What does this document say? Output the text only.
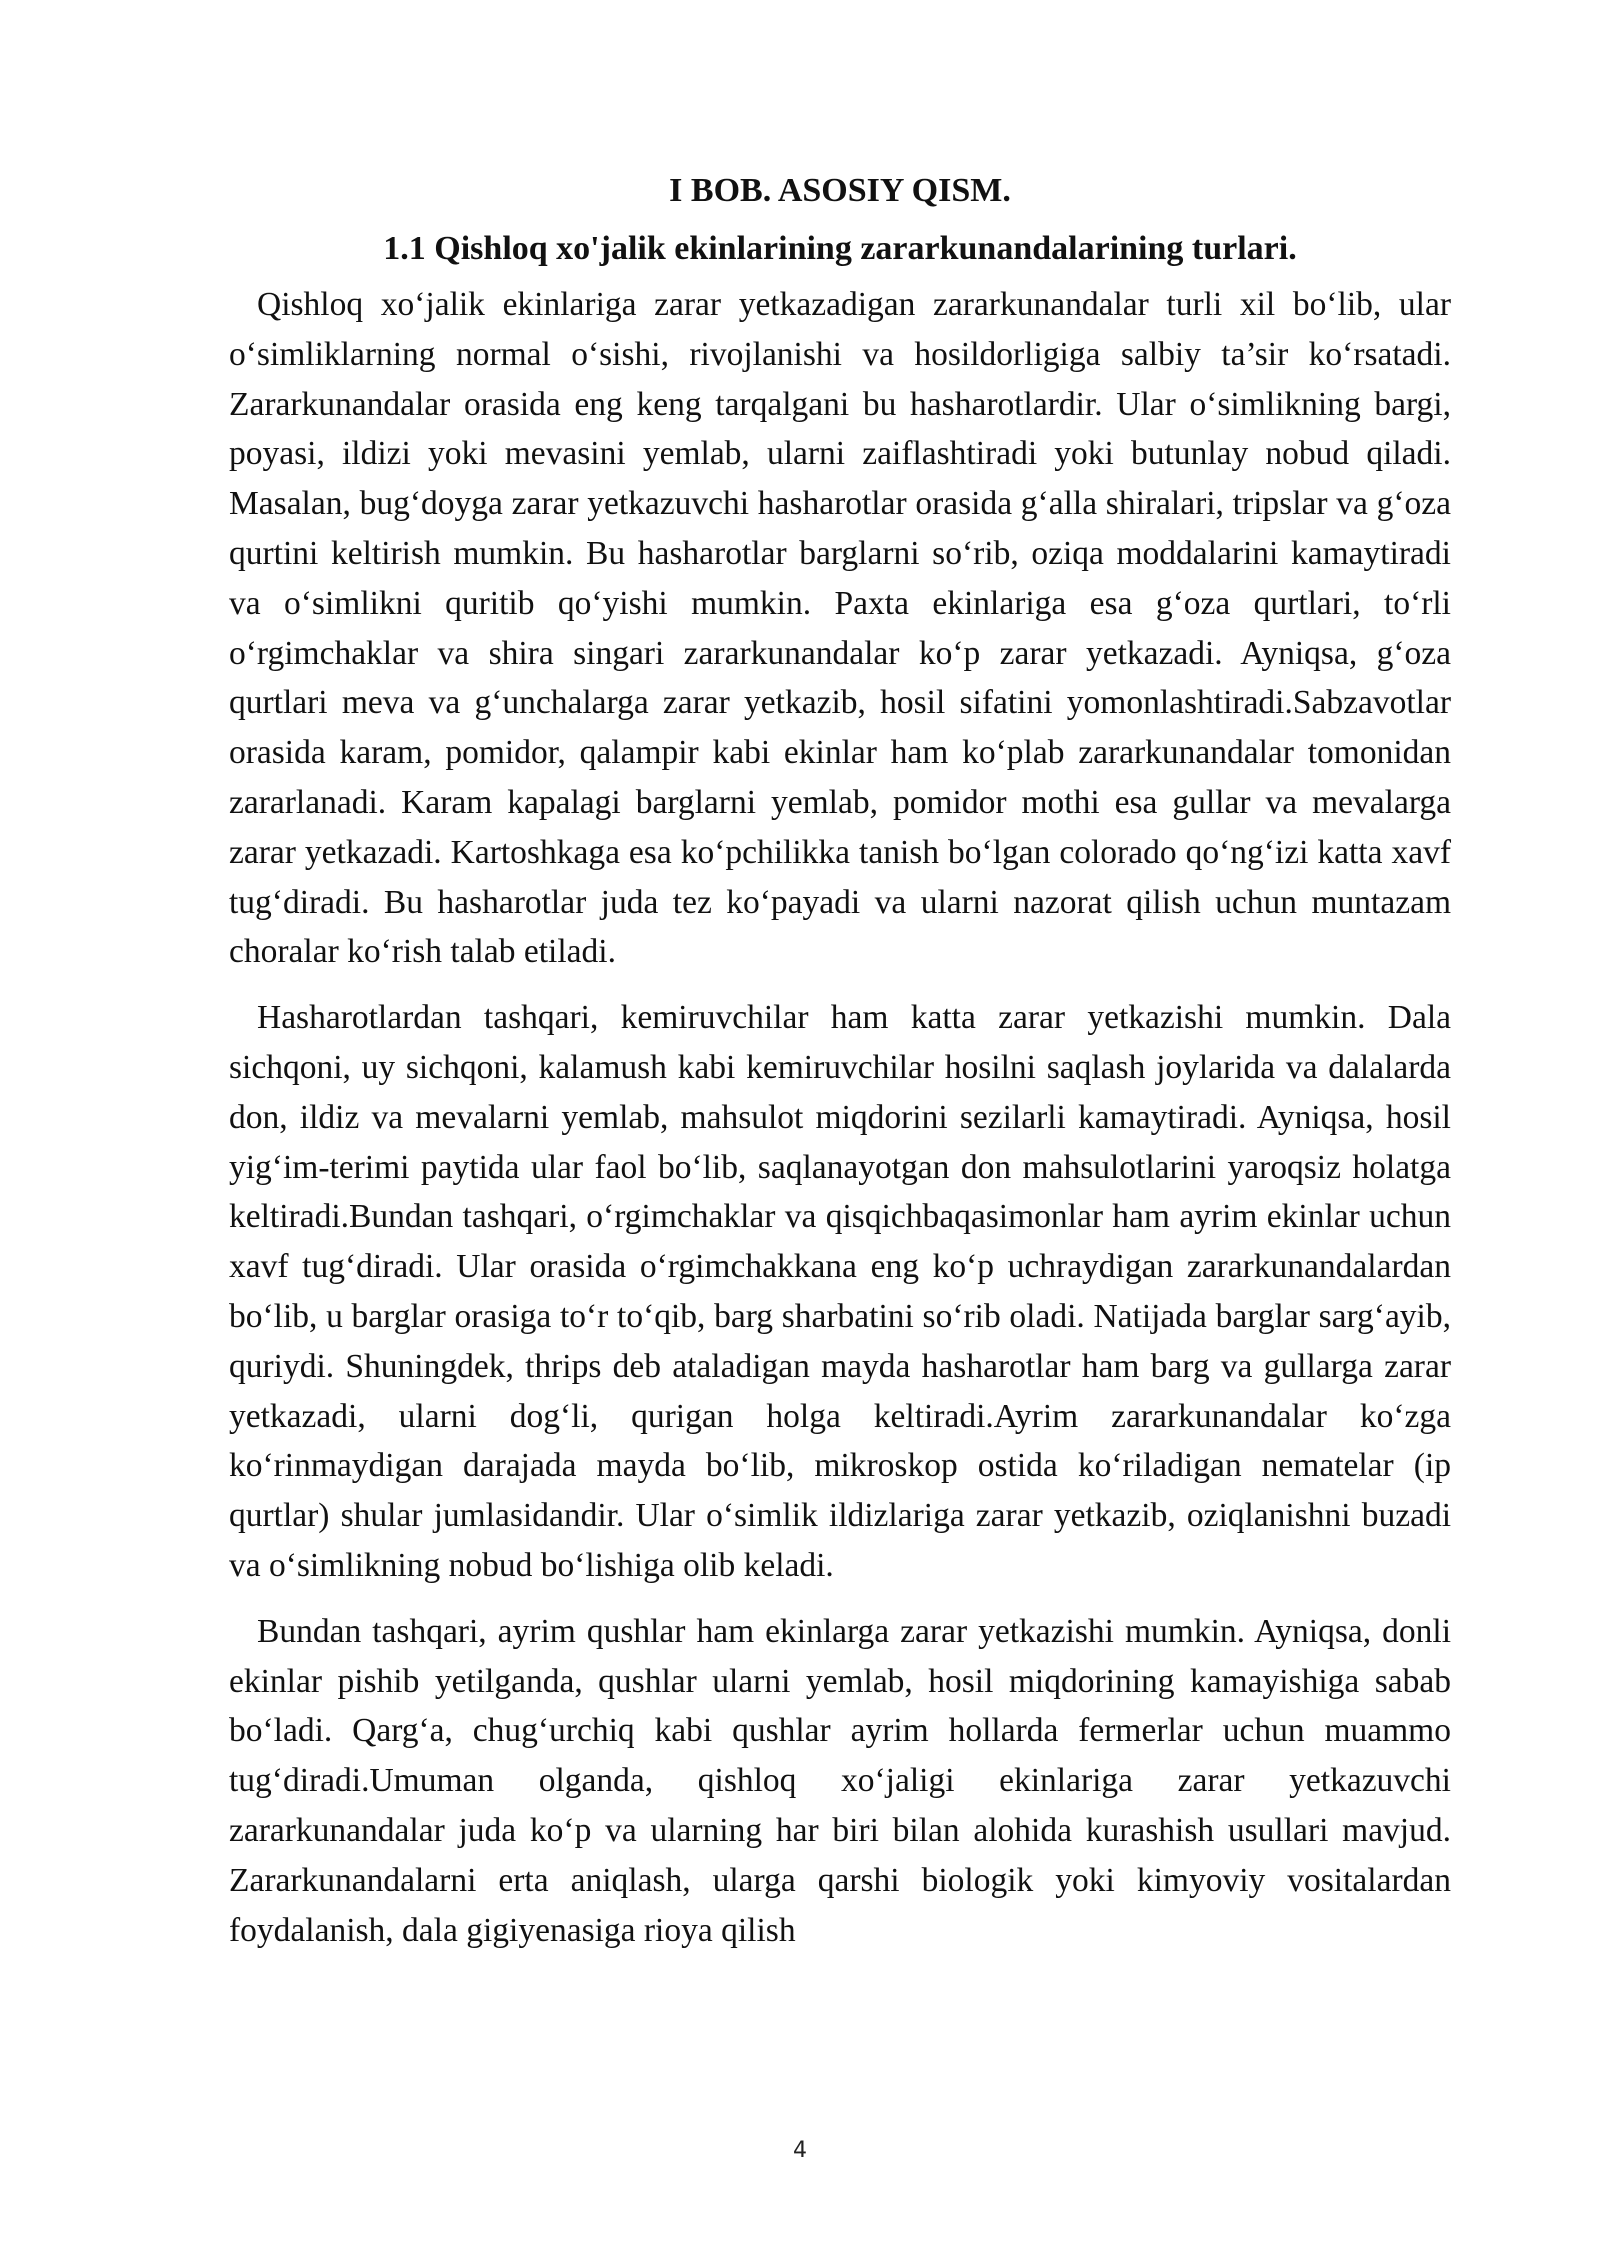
I BOB. ASOSIY QISM.
1.1 Qishloq xo'jalik ekinlarining zararkunandalarining turlari.

Qishloq xo‘jalik ekinlariga zarar yetkazadigan zararkunandalar turli xil bo‘lib, ular o‘simliklarning normal o‘sishi, rivojlanishi va hosildorligiga salbiy ta’sir ko‘rsatadi. Zararkunandalar orasida eng keng tarqalgani bu hasharotlardir. Ular o‘simlikning bargi, poyasi, ildizi yoki mevasini yemlab, ularni zaiflashtiradi yoki butunlay nobud qiladi. Masalan, bug‘doyga zarar yetkazuvchi hasharotlar orasida g‘alla shiralari, tripslar va g‘oza qurtini keltirish mumkin. Bu hasharotlar barglarni so‘rib, oziqa moddalarini kamaytiradi va o‘simlikni quritib qo‘yishi mumkin. Paxta ekinlariga esa g‘oza qurtlari, to‘rli o‘rgimchaklar va shira singari zararkunandalar ko‘p zarar yetkazadi. Ayniqsa, g‘oza qurtlari meva va g‘unchalarga zarar yetkazib, hosil sifatini yomonlashtiradi.Sabzavotlar orasida karam, pomidor, qalampir kabi ekinlar ham ko‘plab zararkunandalar tomonidan zararlanadi. Karam kapalagi barglarni yemlab, pomidor mothi esa gullar va mevalarga zarar yetkazadi. Kartoshkaga esa ko‘pchilikka tanish bo‘lgan colorado qo‘ng‘izi katta xavf tug‘diradi. Bu hasharotlar juda tez ko‘payadi va ularni nazorat qilish uchun muntazam choralar ko‘rish talab etiladi.

Hasharotlardan tashqari, kemiruvchilar ham katta zarar yetkazishi mumkin. Dala sichqoni, uy sichqoni, kalamush kabi kemiruvchilar hosilni saqlash joylarida va dalalarda don, ildiz va mevalarni yemlab, mahsulot miqdorini sezilarli kamaytiradi. Ayniqsa, hosil yig‘im-terimi paytida ular faol bo‘lib, saqlanayotgan don mahsulotlarini yaroqsiz holatga keltiradi.Bundan tashqari, o‘rgimchaklar va qisqichbaqasimonlar ham ayrim ekinlar uchun xavf tug‘diradi. Ular orasida o‘rgimchakkana eng ko‘p uchraydigan zararkunandalardan bo‘lib, u barglar orasiga to‘r to‘qib, barg sharbatini so‘rib oladi. Natijada barglar sarg‘ayib, quriydi. Shuningdek, thrips deb ataladigan mayda hasharotlar ham barg va gullarga zarar yetkazadi, ularni dog‘li, qurigan holga keltiradi.Ayrim zararkunandalar ko‘zga ko‘rinmaydigan darajada mayda bo‘lib, mikroskop ostida ko‘riladigan nematelar (ip qurtlar) shular jumlasidandir. Ular o‘simlik ildizlariga zarar yetkazib, oziqlanishni buzadi va o‘simlikning nobud bo‘lishiga olib keladi.

Bundan tashqari, ayrim qushlar ham ekinlarga zarar yetkazishi mumkin. Ayniqsa, donli ekinlar pishib yetilganda, qushlar ularni yemlab, hosil miqdorining kamayishiga sabab bo‘ladi. Qarg‘a, chug‘urchiq kabi qushlar ayrim hollarda fermerlar uchun muammo tug‘diradi.Umuman olganda, qishloq xo‘jaligi ekinlariga zarar yetkazuvchi zararkunandalar juda ko‘p va ularning har biri bilan alohida kurashish usullari mavjud. Zararkunandalarni erta aniqlash, ularga qarshi biologik yoki kimyoviy vositalardan foydalanish, dala gigiyenasiga rioya qilish

4
